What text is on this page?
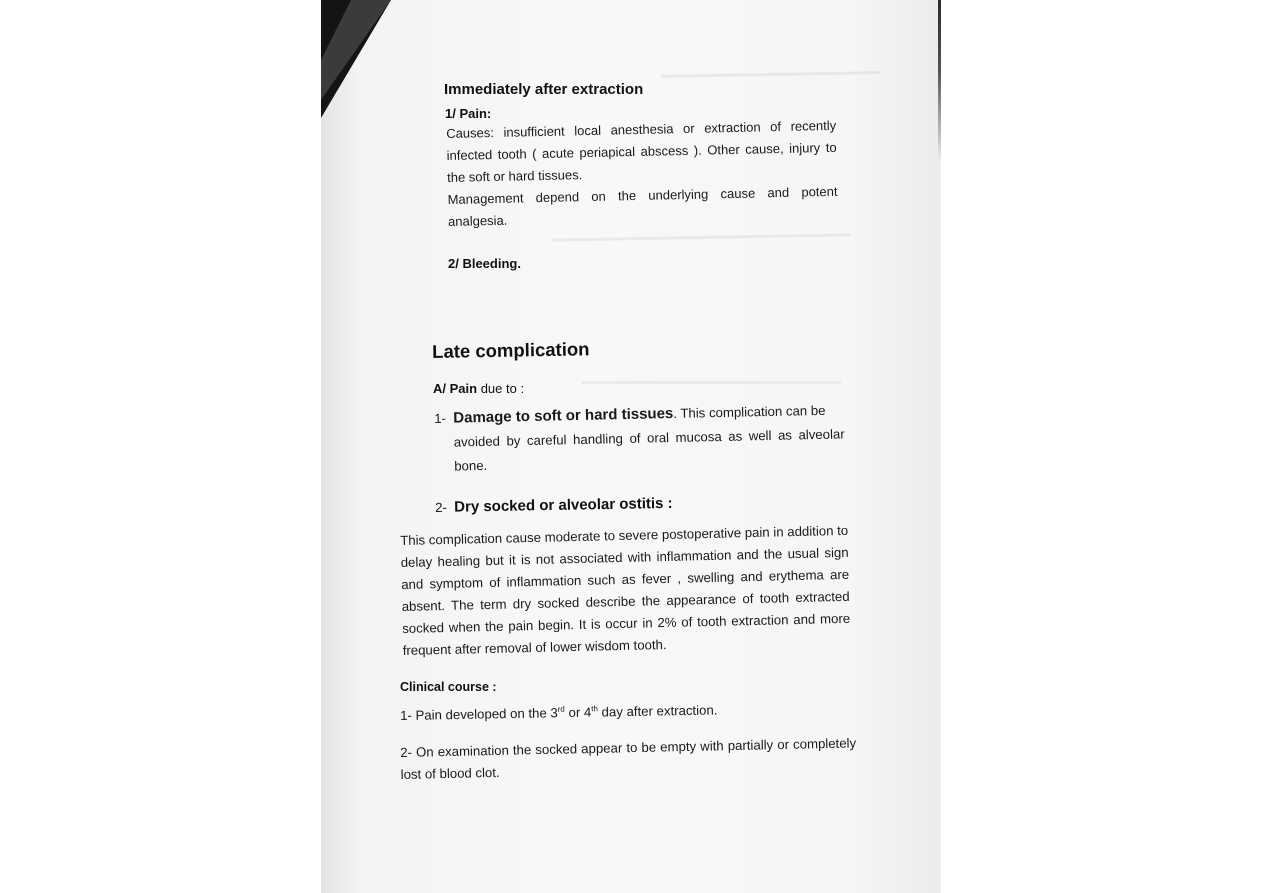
Immediately after extraction

1/ Pain:

Causes: insufficient local anesthesia or extraction of recently
infected tooth ( acute periapical abscess ). Other cause, injury to
the soft or hard tissues.
Management depend on the underlying cause and potent
analgesia.

2/ Bleeding.

Late complication

A/ Pain due to :

1- Damage to soft or hard tissues. This complication can be
avoided by careful handling of oral mucosa as well as alveolar
bone.

2- Dry socked or alveolar ostitis :

This complication cause moderate to severe postoperative pain in addition to delay healing but it is not associated with inflammation and the usual sign and symptom of inflammation such as fever , swelling and erythema are absent. The term dry socked describe the appearance of tooth extracted socked when the pain begin. It is occur in 2% of tooth extraction and more frequent after removal of lower wisdom tooth.

Clinical course :

1- Pain developed on the 3rd or 4th day after extraction.

2- On examination the socked appear to be empty with partially or completely lost of blood clot.
